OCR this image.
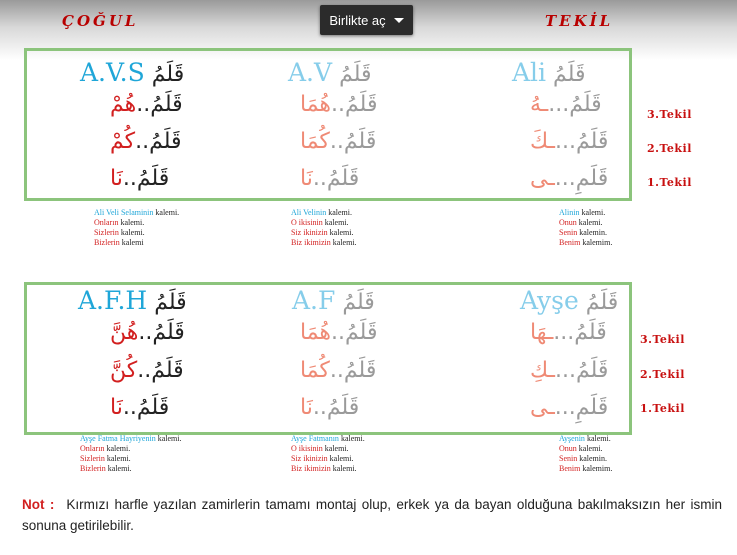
ÇOĞUL	TEKİL
Birlikte aç
A.V.S قَلَمُ
قَلَمُ..هُمْ
قَلَمُ..كُمْ
قَلَمُ..نَا
A.V قَلَمُ
قَلَمُ..هُمَا
قَلَمُ..كُمَا
قَلَمُ..نَا
Ali قَلَمُ
قَلَمُ...ـهُ
قَلَمُ...ـكَ
قَلَمِ...ـى
3.Tekil
2.Tekil
1.Tekil
Ali Veli Selaminin kalemi.
Onların kalemi.
Sizlerin kalemi.
Bizlerin kalemi
Ali Velinin kalemi.
O ikisinin kalemi.
Siz ikinizin kalemi.
Biz ikimizin kalemi.
Alinin kalemi.
Onun kalemi.
Senin kalemin.
Benim kalemim.
A.F.H قَلَمُ
قَلَمُ..هُنَّ
قَلَمُ..كُنَّ
قَلَمُ..نَا
A.F قَلَمُ
قَلَمُ..هُمَا
قَلَمُ..كُمَا
قَلَمُ..نَا
Ayşe قَلَمُ
قَلَمُ...ـهَا
قَلَمُ...ـكِ
قَلَمِ...ـى
3.Tekil
2.Tekil
1.Tekil
Ayşe Fatma Hayriyenin kalemi.
Onların kalemi.
Sizlerin kalemi.
Bizlerin kalemi.
Ayşe Fatmanın kalemi.
O ikisinin kalemi.
Siz ikinizin kalemi.
Biz ikimizin kalemi.
Ayşenin kalemi.
Onun kalemi.
Senin kalemin.
Benim kalemim.
Not : Kırmızı harfle yazılan zamirlerin tamamı montaj olup, erkek ya da bayan olduğuna bakılmaksızın her ismin sonuna getirilebilir.
